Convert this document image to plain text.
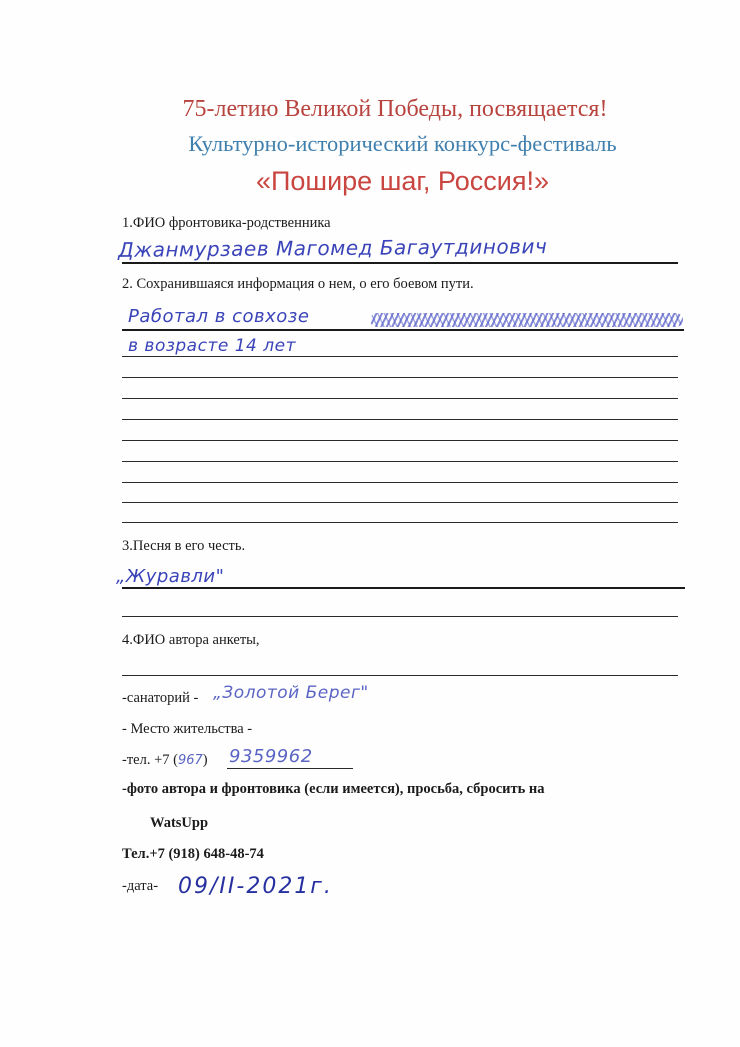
75-летию Великой Победы, посвящается!
Культурно-исторический конкурс-фестиваль
«Пошире шаг, Россия!»
1.ФИО фронтовика-родственника
Джанмурзаев Магомед Багаутдинович
2. Сохранившаяся информация о нем, о его боевом пути.
Работал в совхозе
в возрасте 14 лет
3.Песня в его честь.
„Журавли"
4.ФИО автора анкеты,
-санаторий - „Золотой Берег"
- Место жительства -
-тел. +7 (967) 9359962
-фото автора и фронтовика (если имеется), просьба, сбросить на
WatsUpp
Тел.+7 (918) 648-48-74
-дата- 09/II-2021г.
